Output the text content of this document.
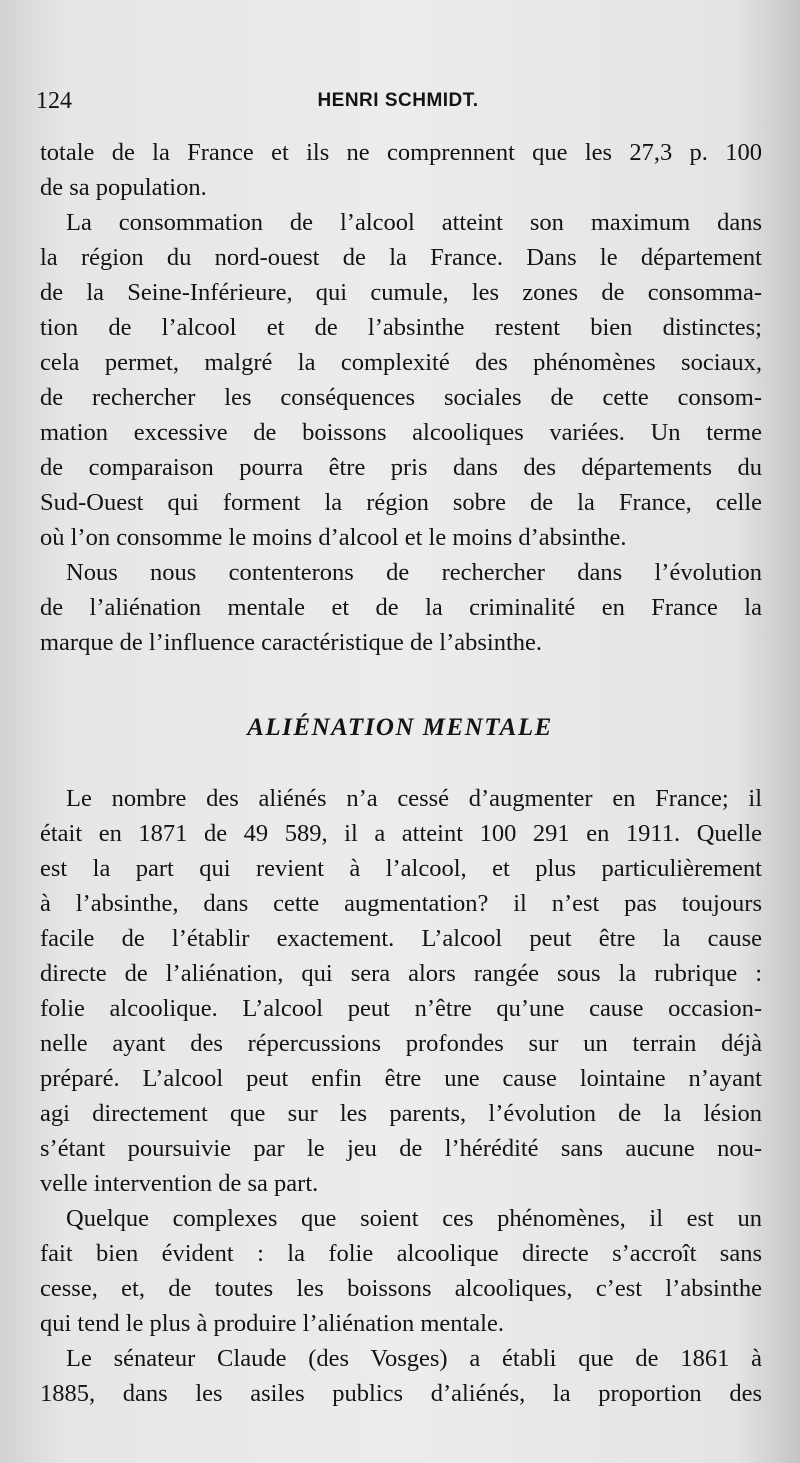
124	HENRI SCHMIDT.
totale de la France et ils ne comprennent que les 27,3 p. 100
de sa population.
La consommation de l’alcool atteint son maximum dans
la région du nord-ouest de la France. Dans le département
de la Seine-Inférieure, qui cumule, les zones de consomma-
tion de l’alcool et de l’absinthe restent bien distinctes;
cela permet, malgré la complexité des phénomènes sociaux,
de rechercher les conséquences sociales de cette consom-
mation excessive de boissons alcooliques variées. Un terme
de comparaison pourra être pris dans des départements du
Sud-Ouest qui forment la région sobre de la France, celle
où l’on consomme le moins d’alcool et le moins d’absinthe.
Nous nous contenterons de rechercher dans l’évolution
de l’aliénation mentale et de la criminalité en France la
marque de l’influence caractéristique de l’absinthe.
ALIÉNATION MENTALE
Le nombre des aliénés n’a cessé d’augmenter en France; il
était en 1871 de 49 589, il a atteint 100 291 en 1911. Quelle
est la part qui revient à l’alcool, et plus particulièrement
à l’absinthe, dans cette augmentation? il n’est pas toujours
facile de l’établir exactement. L’alcool peut être la cause
directe de l’aliénation, qui sera alors rangée sous la rubrique :
folie alcoolique. L’alcool peut n’être qu’une cause occasion-
nelle ayant des répercussions profondes sur un terrain déjà
préparé. L’alcool peut enfin être une cause lointaine n’ayant
agi directement que sur les parents, l’évolution de la lésion
s’étant poursuivie par le jeu de l’hérédité sans aucune nou-
velle intervention de sa part.
Quelque complexes que soient ces phénomènes, il est un
fait bien évident : la folie alcoolique directe s’accroît sans
cesse, et, de toutes les boissons alcooliques, c’est l’absinthe
qui tend le plus à produire l’aliénation mentale.
Le sénateur Claude (des Vosges) a établi que de 1861 à
1885, dans les asiles publics d’aliénés, la proportion des
